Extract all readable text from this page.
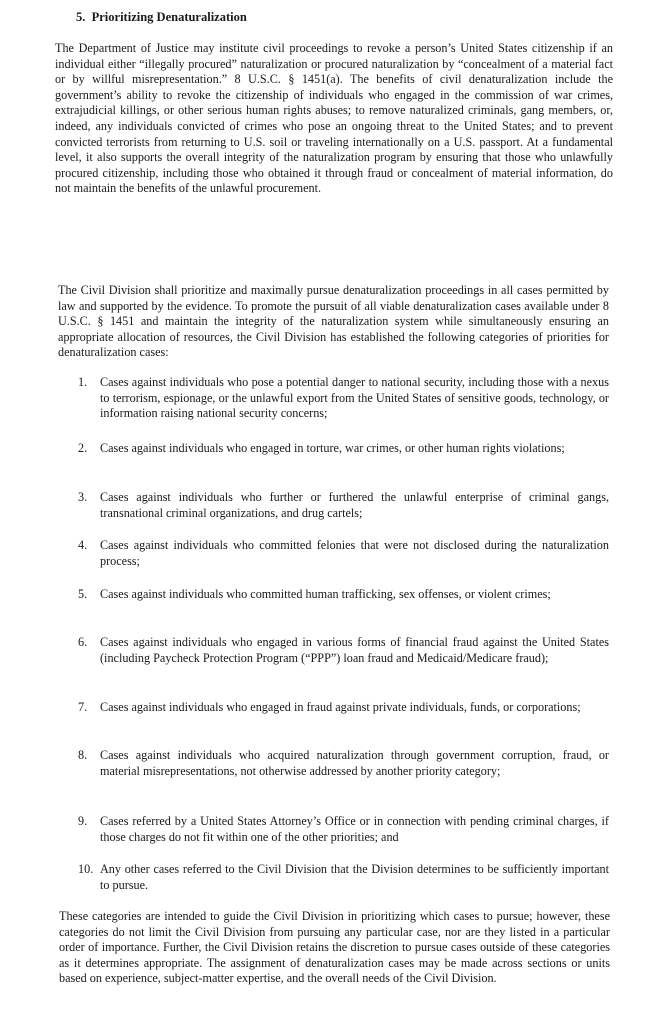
5.  Prioritizing Denaturalization

The Department of Justice may institute civil proceedings to revoke a person’s United States citizenship if an individual either “illegally procured” naturalization or procured naturalization by “concealment of a material fact or by willful misrepresentation.” 8 U.S.C. § 1451(a). The benefits of civil denaturalization include the government’s ability to revoke the citizenship of individuals who engaged in the commission of war crimes, extrajudicial killings, or other serious human rights abuses; to remove naturalized criminals, gang members, or, indeed, any individuals convicted of crimes who pose an ongoing threat to the United States; and to prevent convicted terrorists from returning to U.S. soil or traveling internationally on a U.S. passport. At a fundamental level, it also supports the overall integrity of the naturalization program by ensuring that those who unlawfully procured citizenship, including those who obtained it through fraud or concealment of material information, do not maintain the benefits of the unlawful procurement.

The Civil Division shall prioritize and maximally pursue denaturalization proceedings in all cases permitted by law and supported by the evidence. To promote the pursuit of all viable denaturalization cases available under 8 U.S.C. § 1451 and maintain the integrity of the naturalization system while simultaneously ensuring an appropriate allocation of resources, the Civil Division has established the following categories of priorities for denaturalization cases:

1.	Cases against individuals who pose a potential danger to national security, including those with a nexus to terrorism, espionage, or the unlawful export from the United States of sensitive goods, technology, or information raising national security concerns;
2.	Cases against individuals who engaged in torture, war crimes, or other human rights violations;
3.	Cases against individuals who further or furthered the unlawful enterprise of criminal gangs, transnational criminal organizations, and drug cartels;
4.	Cases against individuals who committed felonies that were not disclosed during the naturalization process;
5.	Cases against individuals who committed human trafficking, sex offenses, or violent crimes;
6.	Cases against individuals who engaged in various forms of financial fraud against the United States (including Paycheck Protection Program (“PPP”) loan fraud and Medicaid/Medicare fraud);
7.	Cases against individuals who engaged in fraud against private individuals, funds, or corporations;
8.	Cases against individuals who acquired naturalization through government corruption, fraud, or material misrepresentations, not otherwise addressed by another priority category;
9.	Cases referred by a United States Attorney’s Office or in connection with pending criminal charges, if those charges do not fit within one of the other priorities; and
10. Any other cases referred to the Civil Division that the Division determines to be sufficiently important to pursue.

These categories are intended to guide the Civil Division in prioritizing which cases to pursue; however, these categories do not limit the Civil Division from pursuing any particular case, nor are they listed in a particular order of importance. Further, the Civil Division retains the discretion to pursue cases outside of these categories as it determines appropriate. The assignment of denaturalization cases may be made across sections or units based on experience, subject-matter expertise, and the overall needs of the Civil Division.
